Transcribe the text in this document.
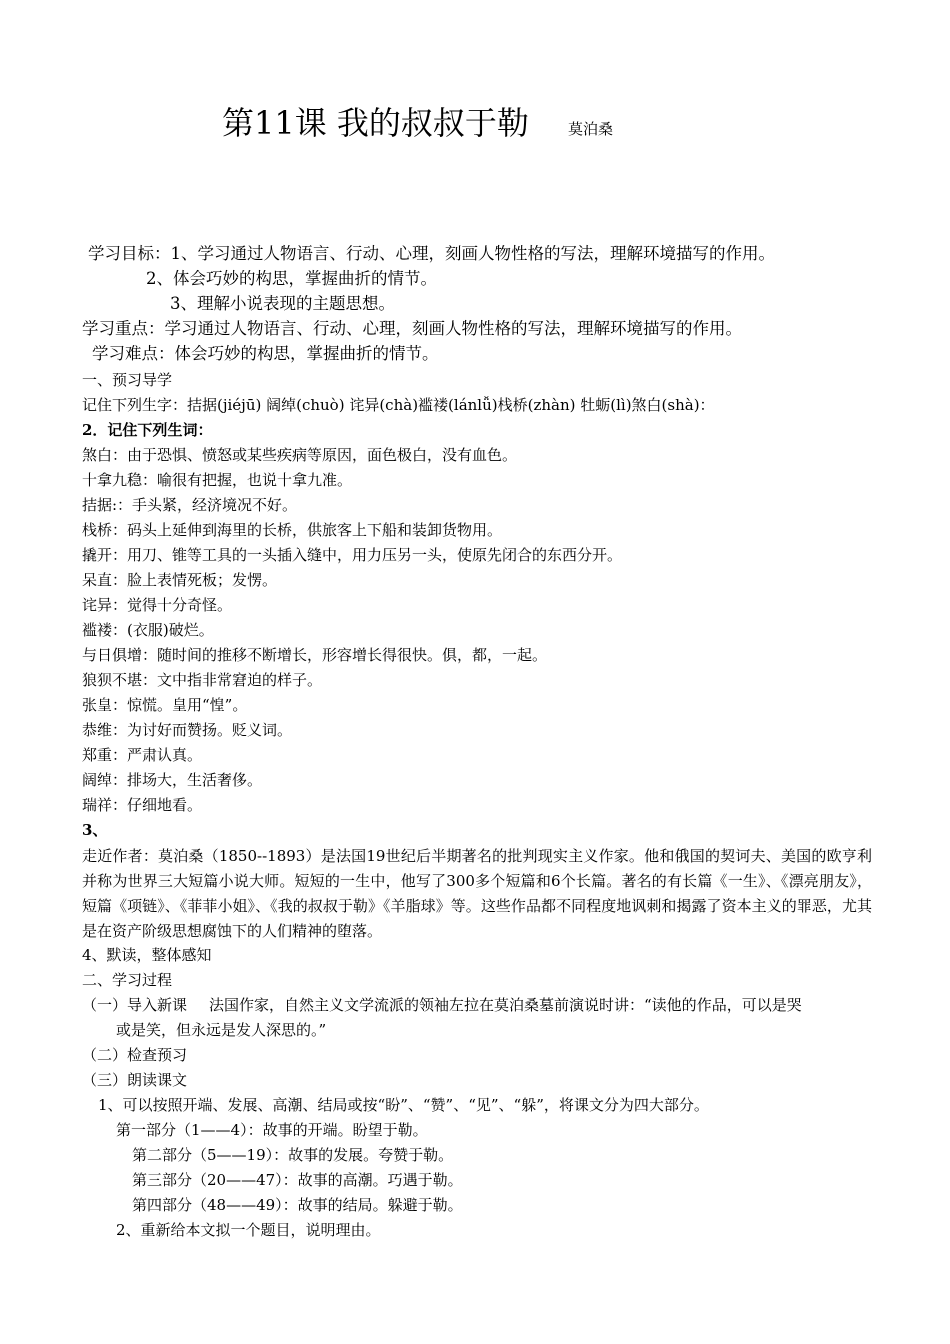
第11课 我的叔叔于勒	莫泊桑
学习目标：1、学习通过人物语言、行动、心理，刻画人物性格的写法，理解环境描写的作用。
2、体会巧妙的构思，掌握曲折的情节。
3、理解小说表现的主题思想。
学习重点：学习通过人物语言、行动、心理，刻画人物性格的写法，理解环境描写的作用。
学习难点：体会巧妙的构思，掌握曲折的情节。
一、预习导学
记住下列生字：拮据(jiéjū) 阔绰(chuò) 诧异(chà)褴褛(lánlǚ)栈桥(zhàn) 牡蛎(lì)煞白(shà)：
2．记住下列生词：
煞白：由于恐惧、愤怒或某些疾病等原因，面色极白，没有血色。
十拿九稳：喻很有把握，也说十拿九准。
拮据:：手头紧，经济境况不好。
栈桥：码头上延伸到海里的长桥，供旅客上下船和装卸货物用。
撬开：用刀、锥等工具的一头插入缝中，用力压另一头，使原先闭合的东西分开。
呆直：脸上表情死板；发愣。
诧异：觉得十分奇怪。
褴褛：(衣服)破烂。
与日俱增：随时间的推移不断增长，形容增长得很快。俱，都，一起。
狼狈不堪：文中指非常窘迫的样子。
张皇：惊慌。皇用“惶”。
恭维：为讨好而赞扬。贬义词。
郑重：严肃认真。
阔绰：排场大，生活奢侈。
瑞祥：仔细地看。
3、
走近作者：莫泊桑（1850--1893）是法国19世纪后半期著名的批判现实主义作家。他和俄国的契诃夫、美国的欧亨利并称为世界三大短篇小说大师。短短的一生中，他写了300多个短篇和6个长篇。著名的有长篇《一生》、《漂亮朋友》，短篇《项链》、《菲菲小姐》、《我的叔叔于勒》《羊脂球》等。这些作品都不同程度地讽刺和揭露了资本主义的罪恶，尤其是在资产阶级思想腐蚀下的人们精神的堕落。
4、默读，整体感知
二、学习过程
（一）导入新课 法国作家，自然主义文学流派的领袖左拉在莫泊桑墓前演说时讲：“读他的作品，可以是哭
或是笑，但永远是发人深思的。”
（二）检查预习
（三）朗读课文
1、可以按照开端、发展、高潮、结局或按“盼”、“赞”、“见”、“躲”，将课文分为四大部分。
第一部分（1——4）：故事的开端。盼望于勒。
第二部分（5——19）：故事的发展。夸赞于勒。
第三部分（20——47）：故事的高潮。巧遇于勒。
第四部分（48——49）：故事的结局。躲避于勒。
2、重新给本文拟一个题目，说明理由。
